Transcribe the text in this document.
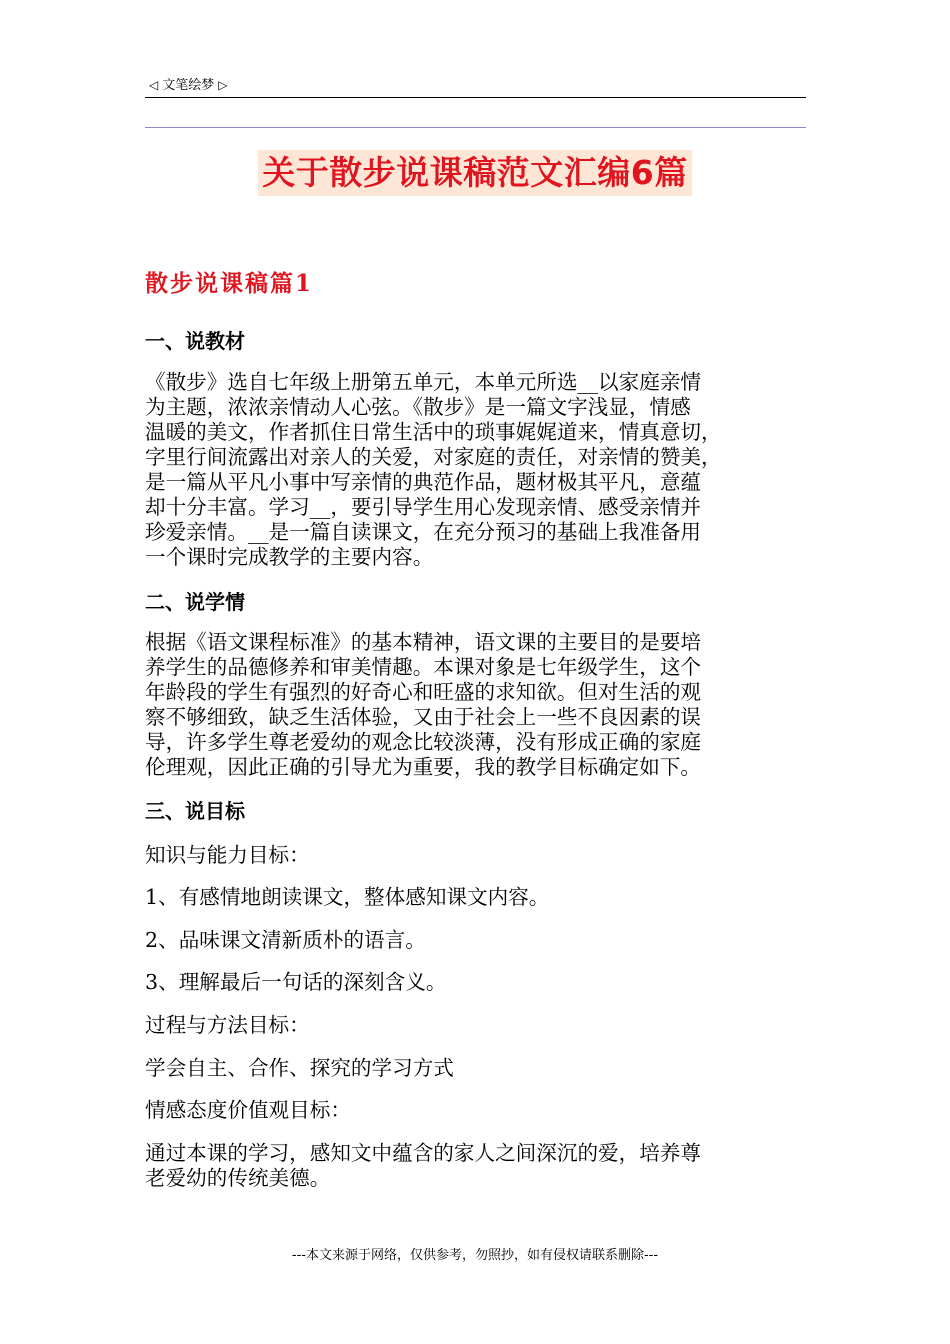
◁ 文笔绘梦 ▷
关于散步说课稿范文汇编6篇
散步说课稿篇1
一、说教材
《散步》选自七年级上册第五单元，本单元所选__以家庭亲情
为主题，浓浓亲情动人心弦。《散步》是一篇文字浅显，情感
温暖的美文，作者抓住日常生活中的琐事娓娓道来，情真意切，
字里行间流露出对亲人的关爱，对家庭的责任，对亲情的赞美，
是一篇从平凡小事中写亲情的典范作品，题材极其平凡，意蕴
却十分丰富。学习__，要引导学生用心发现亲情、感受亲情并
珍爱亲情。__是一篇自读课文，在充分预习的基础上我准备用
一个课时完成教学的主要内容。
二、说学情
根据《语文课程标准》的基本精神，语文课的主要目的是要培
养学生的品德修养和审美情趣。本课对象是七年级学生，这个
年龄段的学生有强烈的好奇心和旺盛的求知欲。但对生活的观
察不够细致，缺乏生活体验，又由于社会上一些不良因素的误
导，许多学生尊老爱幼的观念比较淡薄，没有形成正确的家庭
伦理观，因此正确的引导尤为重要，我的教学目标确定如下。
三、说目标
知识与能力目标：
1、有感情地朗读课文，整体感知课文内容。
2、品味课文清新质朴的语言。
3、理解最后一句话的深刻含义。
过程与方法目标：
学会自主、合作、探究的学习方式
情感态度价值观目标：
通过本课的学习，感知文中蕴含的家人之间深沉的爱，培养尊
老爱幼的传统美德。
---本文来源于网络，仅供参考，勿照抄，如有侵权请联系删除---
